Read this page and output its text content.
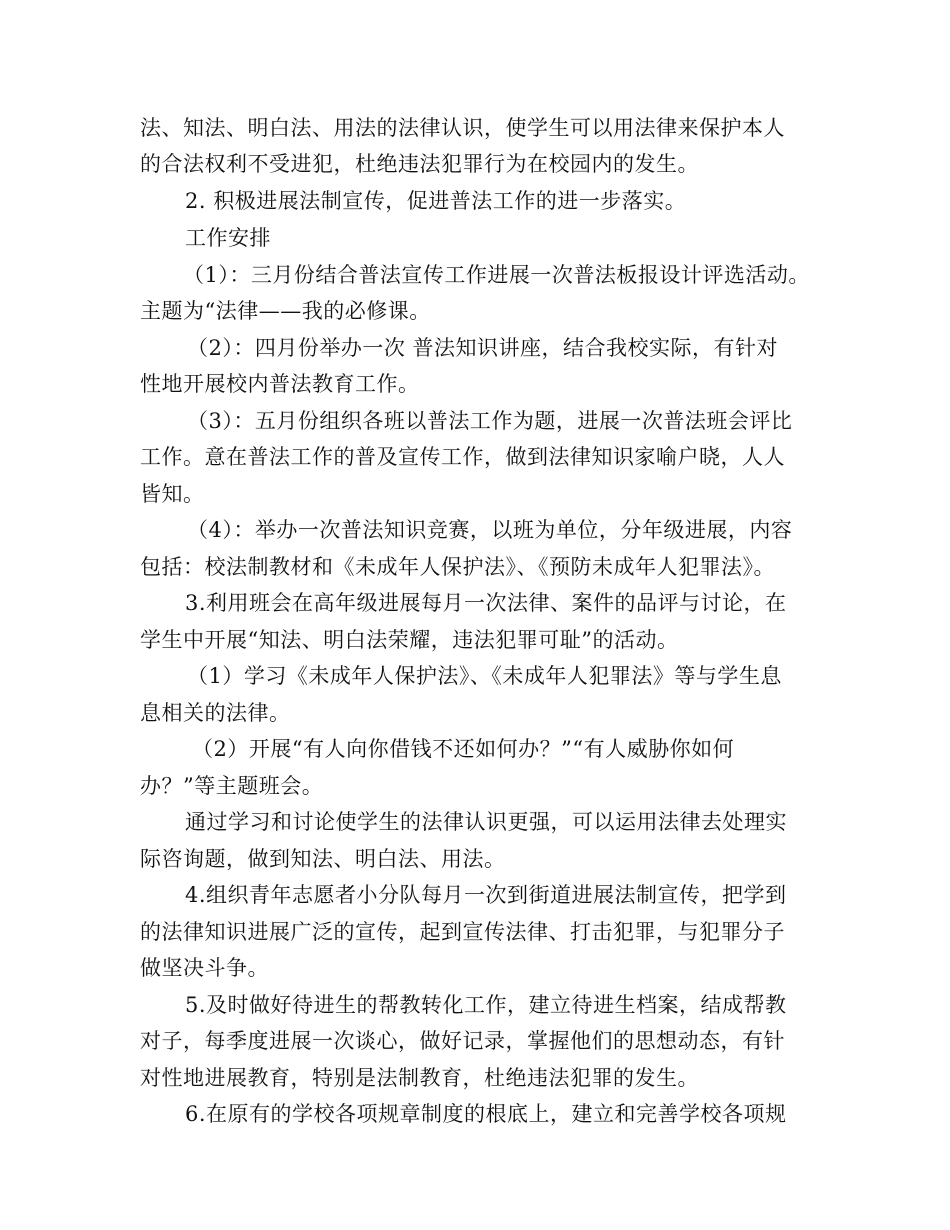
法、知法、明白法、用法的法律认识，使学生可以用法律来保护本人
的合法权利不受进犯，杜绝违法犯罪行为在校园内的发生。
2. 积极进展法制宣传，促进普法工作的进一步落实。
工作安排
（1）：三月份结合普法宣传工作进展一次普法板报设计评选活动。
主题为“法律——我的必修课。
（2）：四月份举办一次 普法知识讲座，结合我校实际，有针对
性地开展校内普法教育工作。
（3）：五月份组织各班以普法工作为题，进展一次普法班会评比
工作。意在普法工作的普及宣传工作，做到法律知识家喻户晓，人人
皆知。
（4）：举办一次普法知识竞赛，以班为单位，分年级进展，内容
包括：校法制教材和《未成年人保护法》、《预防未成年人犯罪法》。
3.利用班会在高年级进展每月一次法律、案件的品评与讨论，在
学生中开展“知法、明白法荣耀，违法犯罪可耻”的活动。
（1）学习《未成年人保护法》、《未成年人犯罪法》等与学生息
息相关的法律。
（2）开展“有人向你借钱不还如何办？”“有人威胁你如何
办？”等主题班会。
通过学习和讨论使学生的法律认识更强，可以运用法律去处理实
际咨询题，做到知法、明白法、用法。
4.组织青年志愿者小分队每月一次到街道进展法制宣传，把学到
的法律知识进展广泛的宣传，起到宣传法律、打击犯罪，与犯罪分子
做坚决斗争。
5.及时做好待进生的帮教转化工作，建立待进生档案，结成帮教
对子，每季度进展一次谈心，做好记录，掌握他们的思想动态，有针
对性地进展教育，特别是法制教育，杜绝违法犯罪的发生。
6.在原有的学校各项规章制度的根底上，建立和完善学校各项规
